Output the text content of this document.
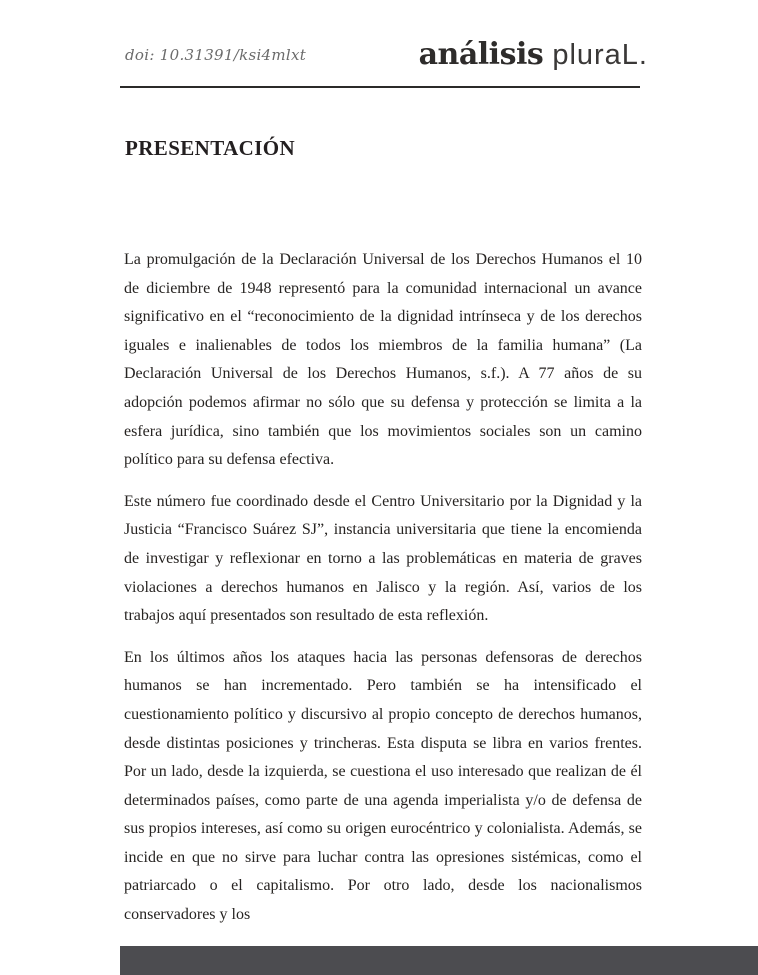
doi: 10.31391/ksi4mlxt	análisis pluraL.
PRESENTACIÓN

La promulgación de la Declaración Universal de los Derechos Humanos el 10 de diciembre de 1948 representó para la comunidad internacional un avance significativo en el “reconocimiento de la dignidad intrínseca y de los derechos iguales e inalienables de todos los miembros de la familia humana” (La Declaración Universal de los Derechos Humanos, s.f.). A 77 años de su adopción podemos afirmar no sólo que su defensa y protección se limita a la esfera jurídica, sino también que los movimientos sociales son un camino político para su defensa efectiva.

Este número fue coordinado desde el Centro Universitario por la Dignidad y la Justicia “Francisco Suárez SJ”, instancia universitaria que tiene la encomienda de investigar y reflexionar en torno a las problemáticas en materia de graves violaciones a derechos humanos en Jalisco y la región. Así, varios de los trabajos aquí presentados son resultado de esta reflexión.

En los últimos años los ataques hacia las personas defensoras de derechos humanos se han incrementado. Pero también se ha intensificado el cuestionamiento político y discursivo al propio concepto de derechos humanos, desde distintas posiciones y trincheras. Esta disputa se libra en varios frentes. Por un lado, desde la izquierda, se cuestiona el uso interesado que realizan de él determinados países, como parte de una agenda imperialista y/o de defensa de sus propios intereses, así como su origen eurocéntrico y colonialista. Además, se incide en que no sirve para luchar contra las opresiones sistémicas, como el patriarcado o el capitalismo. Por otro lado, desde los nacionalismos conservadores y los
